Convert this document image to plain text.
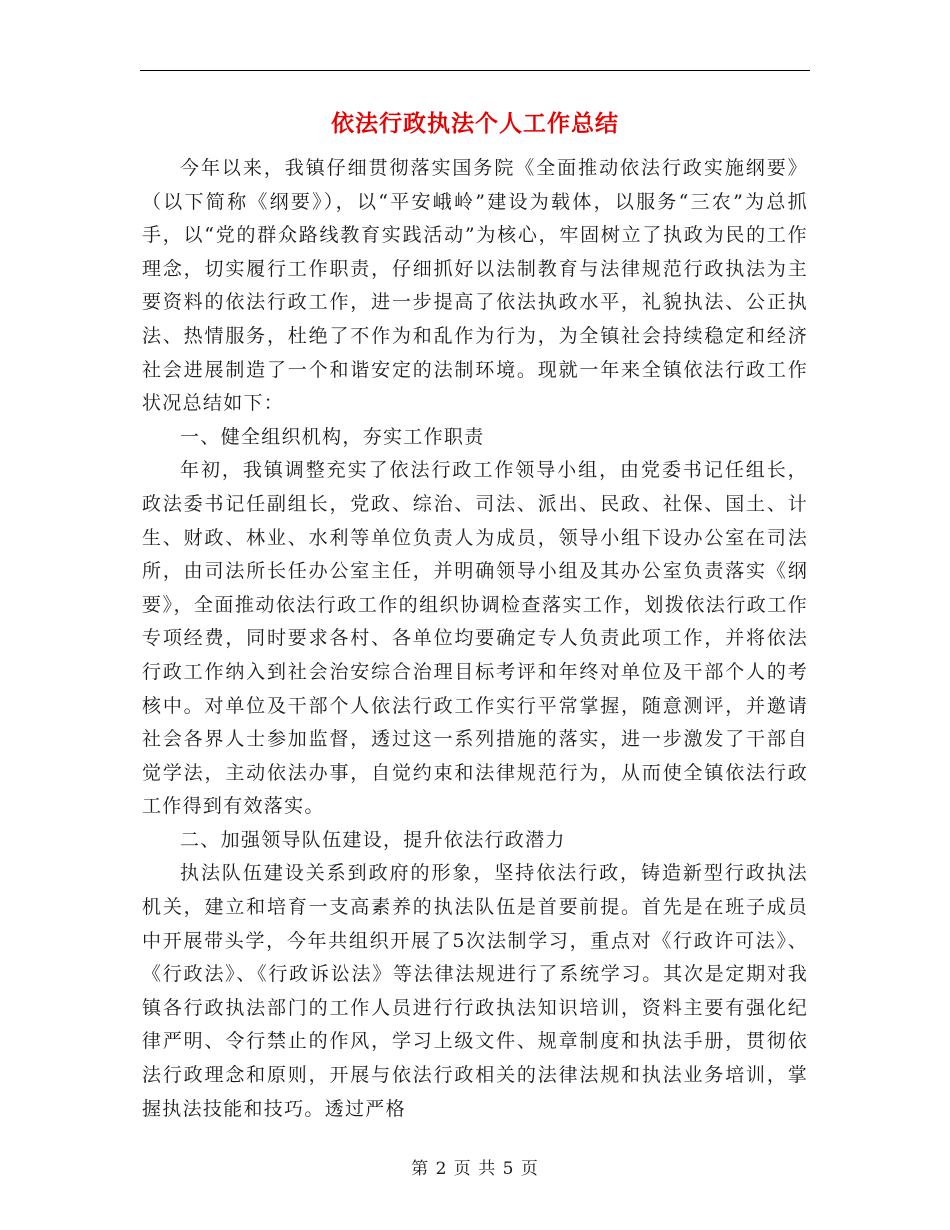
依法行政执法个人工作总结

今年以来，我镇仔细贯彻落实国务院《全面推动依法行政实施纲要》（以下简称《纲要》），以“平安峨岭”建设为载体，以服务“三农”为总抓手，以“党的群众路线教育实践活动”为核心，牢固树立了执政为民的工作理念，切实履行工作职责，仔细抓好以法制教育与法律规范行政执法为主要资料的依法行政工作，进一步提高了依法执政水平，礼貌执法、公正执法、热情服务，杜绝了不作为和乱作为行为，为全镇社会持续稳定和经济社会进展制造了一个和谐安定的法制环境。现就一年来全镇依法行政工作状况总结如下：

一、健全组织机构，夯实工作职责

年初，我镇调整充实了依法行政工作领导小组，由党委书记任组长，政法委书记任副组长，党政、综治、司法、派出、民政、社保、国土、计生、财政、林业、水利等单位负责人为成员，领导小组下设办公室在司法所，由司法所长任办公室主任，并明确领导小组及其办公室负责落实《纲要》，全面推动依法行政工作的组织协调检查落实工作，划拨依法行政工作专项经费，同时要求各村、各单位均要确定专人负责此项工作，并将依法行政工作纳入到社会治安综合治理目标考评和年终对单位及干部个人的考核中。对单位及干部个人依法行政工作实行平常掌握，随意测评，并邀请社会各界人士参加监督，透过这一系列措施的落实，进一步激发了干部自觉学法，主动依法办事，自觉约束和法律规范行为，从而使全镇依法行政工作得到有效落实。

二、加强领导队伍建设，提升依法行政潜力

执法队伍建设关系到政府的形象，坚持依法行政，铸造新型行政执法机关，建立和培育一支高素养的执法队伍是首要前提。首先是在班子成员中开展带头学，今年共组织开展了5次法制学习，重点对《行政许可法》、《行政法》、《行政诉讼法》等法律法规进行了系统学习。其次是定期对我镇各行政执法部门的工作人员进行行政执法知识培训，资料主要有强化纪律严明、令行禁止的作风，学习上级文件、规章制度和执法手册，贯彻依法行政理念和原则，开展与依法行政相关的法律法规和执法业务培训，掌握执法技能和技巧。透过严格

第 2 页 共 5 页
